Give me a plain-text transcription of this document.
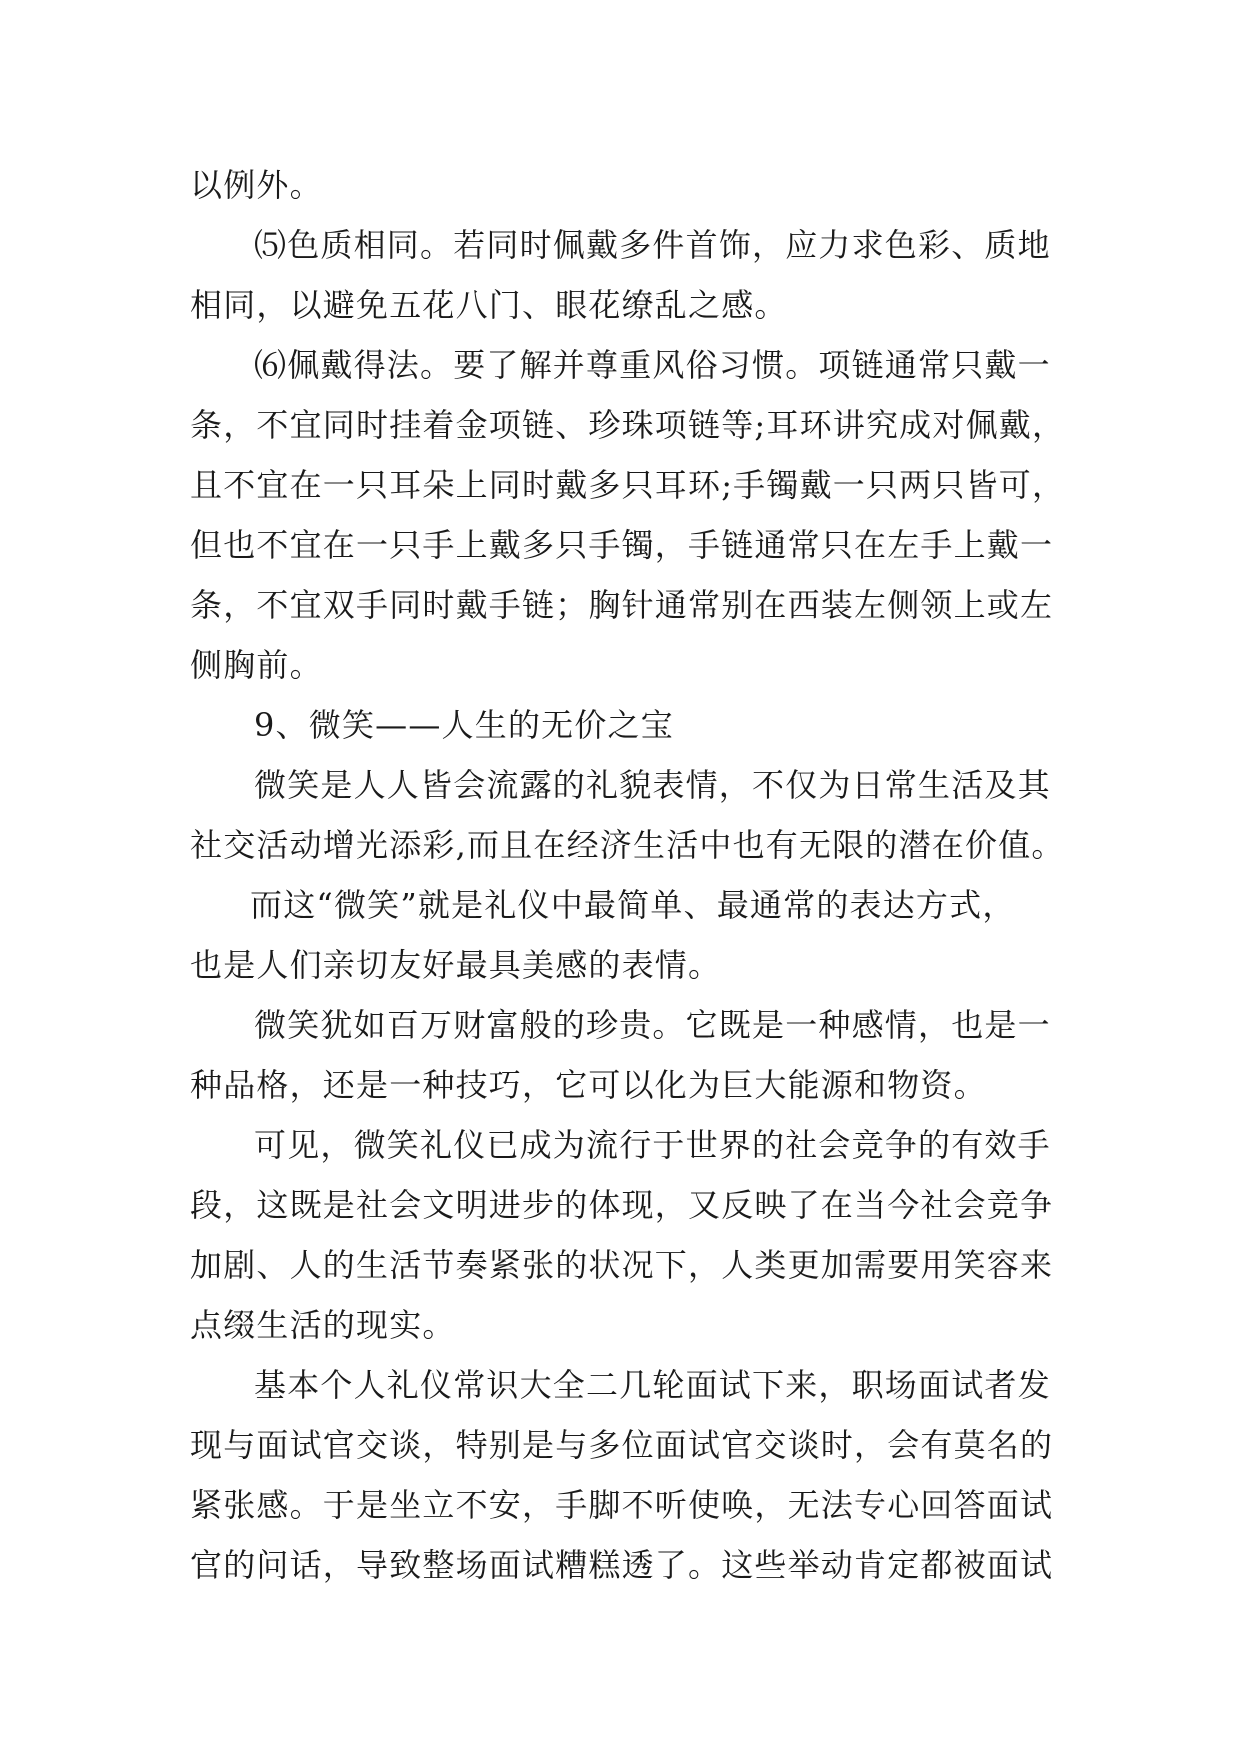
以例外。
⑸色质相同。若同时佩戴多件首饰，应力求色彩、质地
相同，以避免五花八门、眼花缭乱之感。
⑹佩戴得法。要了解并尊重风俗习惯。项链通常只戴一
条，不宜同时挂着金项链、珍珠项链等;耳环讲究成对佩戴，
且不宜在一只耳朵上同时戴多只耳环;手镯戴一只两只皆可，
但也不宜在一只手上戴多只手镯，手链通常只在左手上戴一
条，不宜双手同时戴手链；胸针通常别在西装左侧领上或左
侧胸前。
9、微笑——人生的无价之宝
微笑是人人皆会流露的礼貌表情，不仅为日常生活及其
社交活动增光添彩,而且在经济生活中也有无限的潜在价值。
而这“微笑”就是礼仪中最简单、最通常的表达方式，
也是人们亲切友好最具美感的表情。
微笑犹如百万财富般的珍贵。它既是一种感情，也是一
种品格，还是一种技巧，它可以化为巨大能源和物资。
可见，微笑礼仪已成为流行于世界的社会竞争的有效手
段，这既是社会文明进步的体现，又反映了在当今社会竞争
加剧、人的生活节奏紧张的状况下，人类更加需要用笑容来
点缀生活的现实。
基本个人礼仪常识大全二几轮面试下来，职场面试者发
现与面试官交谈，特别是与多位面试官交谈时，会有莫名的
紧张感。于是坐立不安，手脚不听使唤，无法专心回答面试
官的问话，导致整场面试糟糕透了。这些举动肯定都被面试
